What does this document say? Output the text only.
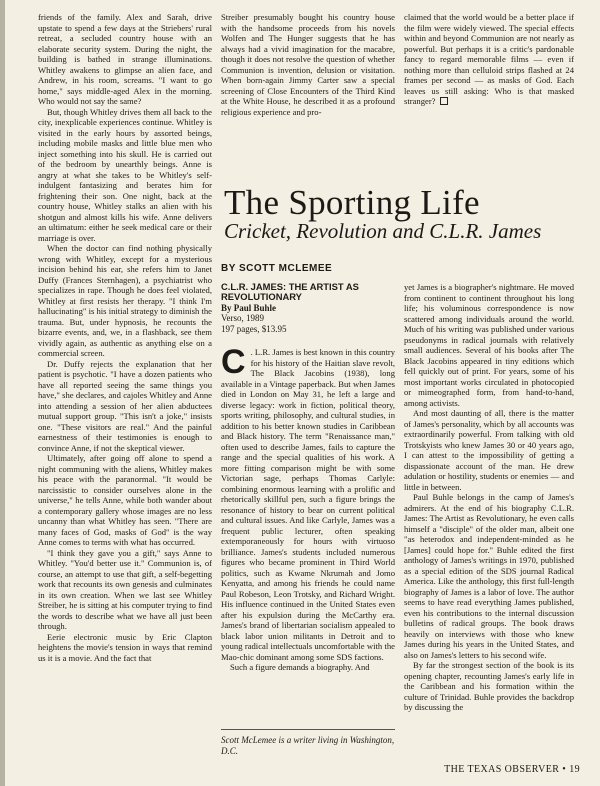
friends of the family. Alex and Sarah, drive upstate to spend a few days at the Striebers' rural retreat, a secluded country house with an elaborate security system. During the night, the building is bathed in strange illuminations. Whitley awakens to glimpse an alien face, and Andrew, in his room, screams. "I want to go home," says middle-aged Alex in the morning. Who would not say the same?

But, though Whitley drives them all back to the city, inexplicable experiences continue. Whitley is visited in the early hours by assorted beings, including mobile masks and little blue men who inject something into his skull. He is carried out of the bedroom by unearthly beings. Anne is angry at what she takes to be Whitley's self-indulgent fantasizing and berates him for frightening their son. One night, back at the country house, Whitley stalks an alien with his shotgun and almost kills his wife. Anne delivers an ultimatum: either he seek medical care or their marriage is over.

When the doctor can find nothing physically wrong with Whitley, except for a mysterious incision behind his ear, she refers him to Janet Duffy (Frances Sternhagen), a psychiatrist who specializes in rape. Though he does feel violated, Whitley at first resists her therapy. "I think I'm hallucinating" is his initial strategy to diminish the trauma. But, under hypnosis, he recounts the bizarre events, and, we, in a flashback, see them vividly again, as authentic as anything else on a commercial screen.

Dr. Duffy rejects the explanation that her patient is psychotic. "I have a dozen patients who have all reported seeing the same things you have," she declares, and cajoles Whitley and Anne into attending a session of her alien abductees mutual support group. "This isn't a joke," insists one. "These visitors are real." And the painful earnestness of their testimonies is enough to convince Anne, if not the skeptical viewer.

Ultimately, after going off alone to spend a night communing with the aliens, Whitley makes his peace with the paranormal. "It would be narcissistic to consider ourselves alone in the universe," he tells Anne, while both wander about a contemporary gallery whose images are no less uncanny than what Whitley has seen. "There are many faces of God, masks of God" is the way Anne comes to terms with what has occurred.

"I think they gave you a gift," says Anne to Whitley. "You'd better use it." Communion is, of course, an attempt to use that gift, a self-begetting work that recounts its own genesis and culminates in its own creation. When we last see Whitley Streiber, he is sitting at his computer trying to find the words to describe what we have all just been through.

Eerie electronic music by Eric Clapton heightens the movie's tension in ways that remind us it is a movie. And the fact that

Streiber presumably bought his country house with the handsome proceeds from his novels Wolfen and The Hunger suggests that he has always had a vivid imagination for the macabre, though it does not resolve the question of whether Communion is invention, delusion or visitation. When born-again Jimmy Carter saw a special screening of Close Encounters of the Third Kind at the White House, he described it as a profound religious experience and pro-

claimed that the world would be a better place if the film were widely viewed. The special effects within and beyond Communion are not nearly as powerful. But perhaps it is a critic's pardonable fancy to regard memorable films — even if nothing more than celluloid strips flashed at 24 frames per second — as masks of God. Each leaves us still asking: Who is that masked stranger?

The Sporting Life
Cricket, Revolution and C.L.R. James
BY SCOTT MCLEMEE
C.L.R. JAMES: THE ARTIST AS
REVOLUTIONARY
By Paul Buhle
Verso, 1989
197 pages, $13.95

C . L.R. James is best known in this country for his history of the Haitian slave revolt, The Black Jacobins (1938), long available in a Vintage paperback. But when James died in London on May 31, he left a large and diverse legacy: work in fiction, political theory, sports writing, philosophy, and cultural studies, in addition to his better known studies in Caribbean and Black history. The term "Renaissance man," often used to describe James, fails to capture the range and the special qualities of his work. A more fitting comparison might be with some Victorian sage, perhaps Thomas Carlyle: combining enormous learning with a prolific and rhetorically skillful pen, such a figure brings the resonance of history to bear on current political and cultural issues. And like Carlyle, James was a frequent public lecturer, often speaking extemporaneously for hours with virtuoso brilliance. James's students included numerous figures who became prominent in Third World politics, such as Kwame Nkrumah and Jomo Kenyatta, and among his friends he could name Paul Robeson, Leon Trotsky, and Richard Wright. His influence continued in the United States even after his expulsion during the McCarthy era. James's brand of libertarian socialism appealed to black labor union militants in Detroit and to young radical intellectuals uncomfortable with the Mao-chic dominant among some SDS factions.

Such a figure demands a biography. And

Scott McLemee is a writer living in Washington, D.C.

yet James is a biographer's nightmare. He moved from continent to continent throughout his long life; his voluminous correspondence is now scattered among individuals around the world. Much of his writing was published under various pseudonyms in radical journals with relatively small audiences. Several of his books after The Black Jacobins appeared in tiny editions which fell quickly out of print. For years, some of his most important works circulated in photocopied or mimeographed form, from hand-to-hand, among activists.

And most daunting of all, there is the matter of James's personality, which by all accounts was extraordinarily powerful. From talking with old Trotskyists who knew James 30 or 40 years ago, I can attest to the impossibility of getting a dispassionate account of the man. He drew adulation or hostility, students or enemies — and little in between.

Paul Buhle belongs in the camp of James's admirers. At the end of his biography C.L.R. James: The Artist as Revolutionary, he even calls himself a "disciple" of the older man, albeit one "as heterodox and independent-minded as he [James] could hope for." Buhle edited the first anthology of James's writings in 1970, published as a special edition of the SDS journal Radical America. Like the anthology, this first full-length biography of James is a labor of love. The author seems to have read everything James published, even his contributions to the internal discussion bulletins of radical groups. The book draws heavily on interviews with those who knew James during his years in the United States, and also on James's letters to his second wife.

By far the strongest section of the book is its opening chapter, recounting James's early life in the Caribbean and his formation within the culture of Trinidad. Buhle provides the backdrop by discussing the

THE TEXAS OBSERVER • 19
